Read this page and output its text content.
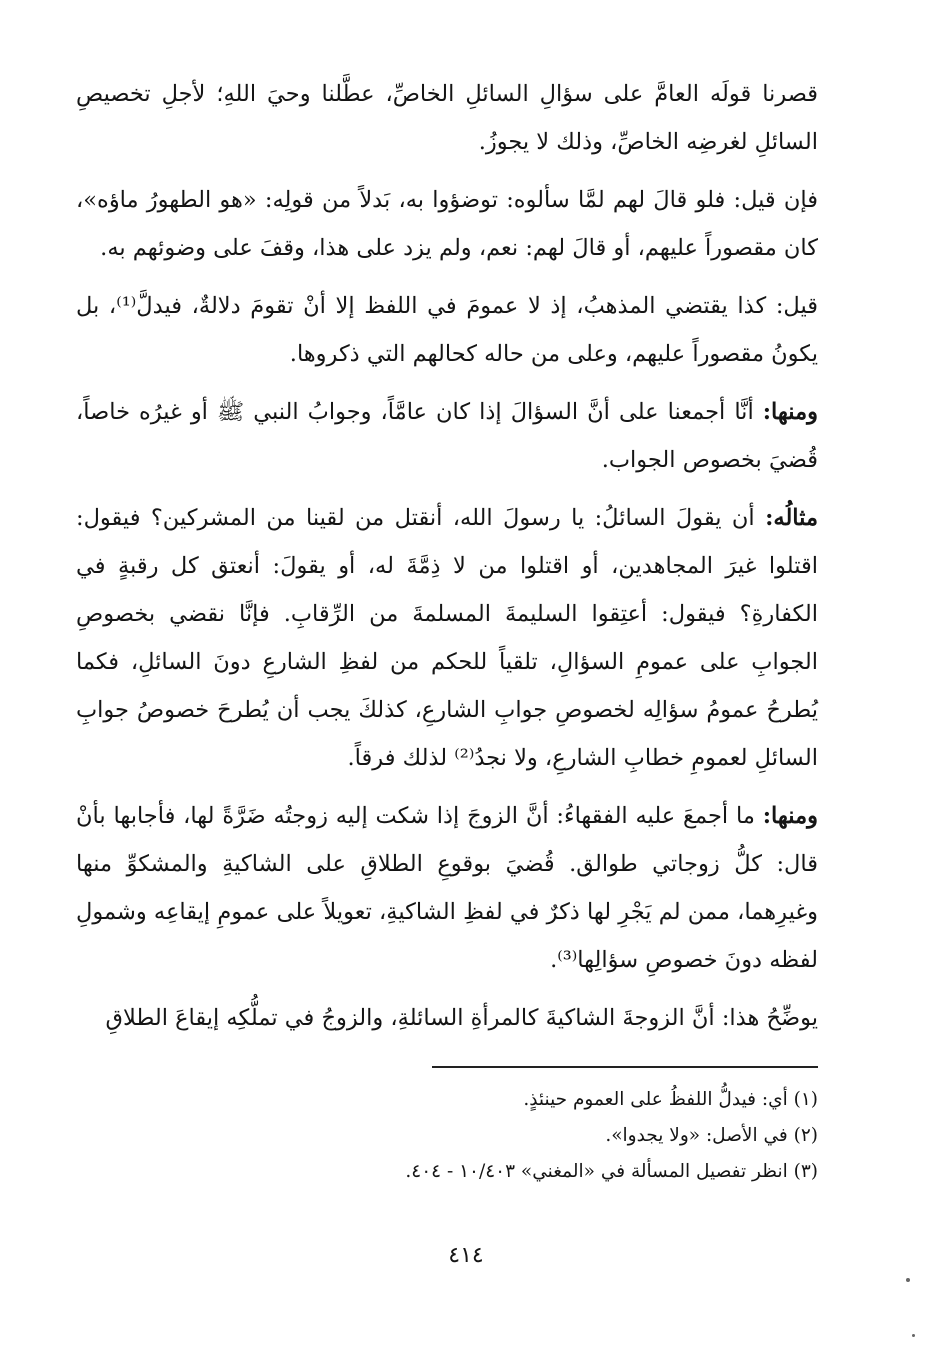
قصرنا قولَه العامَّ على سؤالِ السائلِ الخاصِّ، عطَّلنا وحيَ اللهِ؛ لأجلِ تخصيصِ السائلِ لغرضِه الخاصِّ، وذلك لا يجوزُ.

فإن قيل: فلو قالَ لهم لمَّا سألوه: توضؤوا به، بَدلاً من قولِه: «هو الطهورُ ماؤه»، كان مقصوراً عليهم، أو قالَ لهم: نعم، ولم يزد على هذا، وقفَ على وضوئهم به.

قيل: كذا يقتضي المذهبُ، إذ لا عمومَ في اللفظ إلا أنْ تقومَ دلالةٌ، فيدلَّ⁽¹⁾، بل يكونُ مقصوراً عليهم، وعلى من حاله كحالهم التي ذكروها.

ومنها: أنَّا أجمعنا على أنَّ السؤالَ إذا كان عامَّاً، وجوابُ النبي ﷺ أو غيرُه خاصاً، قُضيَ بخصوص الجواب.

مثالُه: أن يقولَ السائلُ: يا رسولَ الله، أنقتل من لقينا من المشركين؟ فيقول: اقتلوا غيرَ المجاهدين، أو اقتلوا من لا ذِمَّةَ له، أو يقولَ: أنعتق كل رقبةٍ في الكفارةِ؟ فيقول: أعتِقوا السليمةَ المسلمةَ من الرِّقابِ. فإنَّا نقضي بخصوصِ الجوابِ على عمومِ السؤالِ، تلقياً للحكم من لفظِ الشارعِ دونَ السائلِ، فكما يُطرحُ عمومُ سؤالِه لخصوصِ جوابِ الشارعِ، كذلكَ يجب أن يُطرحَ خصوصُ جوابِ السائلِ لعمومِ خطابِ الشارعِ، ولا نجدُ⁽²⁾ لذلك فرقاً.

ومنها: ما أجمعَ عليه الفقهاءُ: أنَّ الزوجَ إذا شكت إليه زوجتُه ضَرَّةً لها، فأجابها بأنْ قال: كلُّ زوجاتي طوالق. قُضيَ بوقوعِ الطلاقِ على الشاكيةِ والمشكوِّ منها وغيرِهما، ممن لم يَجْرِ لها ذكرٌ في لفظِ الشاكيةِ، تعويلاً على عمومِ إيقاعِه وشمولِ لفظه دونَ خصوصِ سؤالِها⁽³⁾.

يوضِّحُ هذا: أنَّ الزوجةَ الشاكيةَ كالمرأةِ السائلةِ، والزوجُ في تملُّكِه إيقاعَ الطلاقِ

(١) أي: فيدلُّ اللفظُ على العموم حينئذٍ.

(٢) في الأصل: «ولا يجدوا».

(٣) انظر تفصيل المسألة في «المغني» ١٠/٤٠٣ - ٤٠٤.

٤١٤
